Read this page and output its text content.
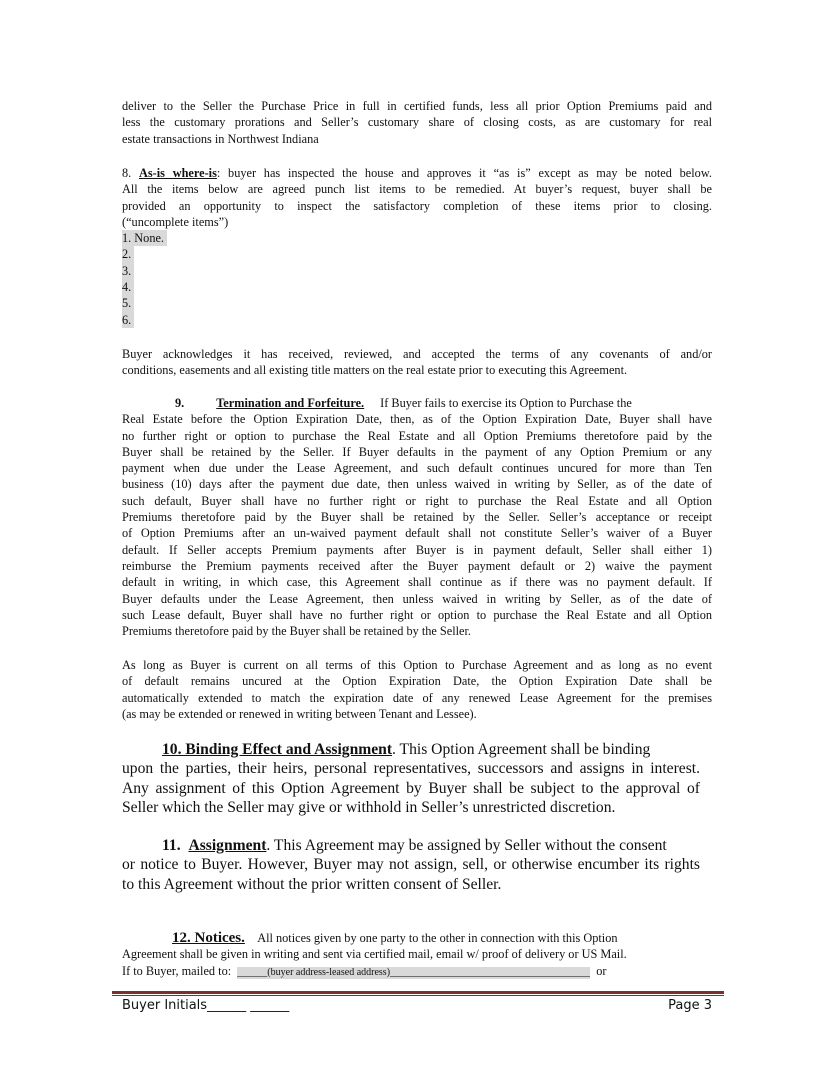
deliver to the Seller the Purchase Price in full in certified funds, less all prior Option Premiums paid and
less the customary prorations and Seller’s customary share of closing costs, as are customary for real
estate transactions in Northwest Indiana
8. As-is where-is: buyer has inspected the house and approves it “as is” except as may be noted below.
All the items below are agreed punch list items to be remedied. At buyer’s request, buyer shall be
provided an opportunity to inspect the satisfactory completion of these items prior to closing.
(“uncomplete items”)
1. None.
2.
3.
4.
5.
6.
Buyer acknowledges it has received, reviewed, and accepted the terms of any covenants of and/or
conditions, easements and all existing title matters on the real estate prior to executing this Agreement.
9.	Termination and Forfeiture. If Buyer fails to exercise its Option to Purchase the
Real Estate before the Option Expiration Date, then, as of the Option Expiration Date, Buyer shall have
no further right or option to purchase the Real Estate and all Option Premiums theretofore paid by the
Buyer shall be retained by the Seller. If Buyer defaults in the payment of any Option Premium or any
payment when due under the Lease Agreement, and such default continues uncured for more than Ten
business (10) days after the payment due date, then unless waived in writing by Seller, as of the date of
such default, Buyer shall have no further right or right to purchase the Real Estate and all Option
Premiums theretofore paid by the Buyer shall be retained by the Seller. Seller’s acceptance or receipt
of Option Premiums after an un-waived payment default shall not constitute Seller’s waiver of a Buyer
default. If Seller accepts Premium payments after Buyer is in payment default, Seller shall either 1)
reimburse the Premium payments received after the Buyer payment default or 2) waive the payment
default in writing, in which case, this Agreement shall continue as if there was no payment default. If
Buyer defaults under the Lease Agreement, then unless waived in writing by Seller, as of the date of
such Lease default, Buyer shall have no further right or option to purchase the Real Estate and all Option
Premiums theretofore paid by the Buyer shall be retained by the Seller.
As long as Buyer is current on all terms of this Option to Purchase Agreement and as long as no event
of default remains uncured at the Option Expiration Date, the Option Expiration Date shall be
automatically extended to match the expiration date of any renewed Lease Agreement for the premises
(as may be extended or renewed in writing between Tenant and Lessee).
10. Binding Effect and Assignment. This Option Agreement shall be binding
upon the parties, their heirs, personal representatives, successors and assigns in interest.
Any assignment of this Option Agreement by Buyer shall be subject to the approval of
Seller which the Seller may give or withhold in Seller’s unrestricted discretion.
11. Assignment. This Agreement may be assigned by Seller without the consent
or notice to Buyer. However, Buyer may not assign, sell, or otherwise encumber its rights
to this Agreement without the prior written consent of Seller.
12. Notices. All notices given by one party to the other in connection with this Option
Agreement shall be given in writing and sent via certified mail, email w/ proof of delivery or US Mail.
If to Buyer, mailed to: ______(buyer address-leased address)________________________________________ or
Buyer Initials______ ______	Page 3
